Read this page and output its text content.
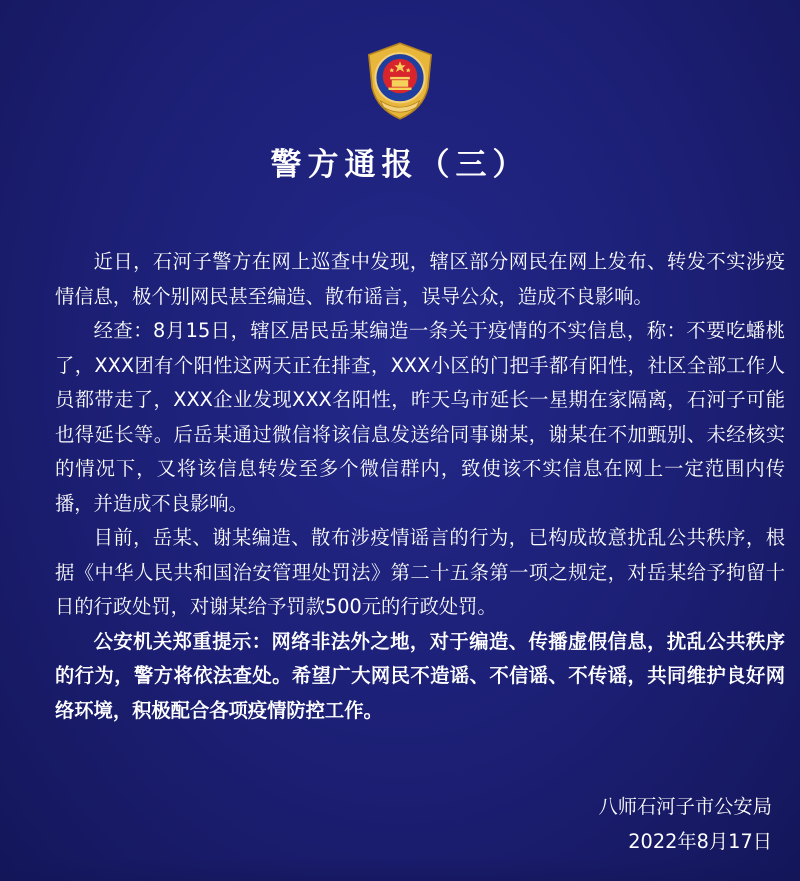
警方通报（三）

近日，石河子警方在网上巡查中发现，辖区部分网民在网上发布、转发不实涉疫情信息，极个别网民甚至编造、散布谣言，误导公众，造成不良影响。

经查：8月15日，辖区居民岳某编造一条关于疫情的不实信息，称：不要吃蟠桃了，XXX团有个阳性这两天正在排查，XXX小区的门把手都有阳性，社区全部工作人员都带走了，XXX企业发现XXX名阳性，昨天乌市延长一星期在家隔离，石河子可能也得延长等。后岳某通过微信将该信息发送给同事谢某，谢某在不加甄别、未经核实的情况下，又将该信息转发至多个微信群内，致使该不实信息在网上一定范围内传播，并造成不良影响。

目前，岳某、谢某编造、散布涉疫情谣言的行为，已构成故意扰乱公共秩序，根据《中华人民共和国治安管理处罚法》第二十五条第一项之规定，对岳某给予拘留十日的行政处罚，对谢某给予罚款500元的行政处罚。

公安机关郑重提示：网络非法外之地，对于编造、传播虚假信息，扰乱公共秩序的行为，警方将依法查处。希望广大网民不造谣、不信谣、不传谣，共同维护良好网络环境，积极配合各项疫情防控工作。

八师石河子市公安局
2022年8月17日
